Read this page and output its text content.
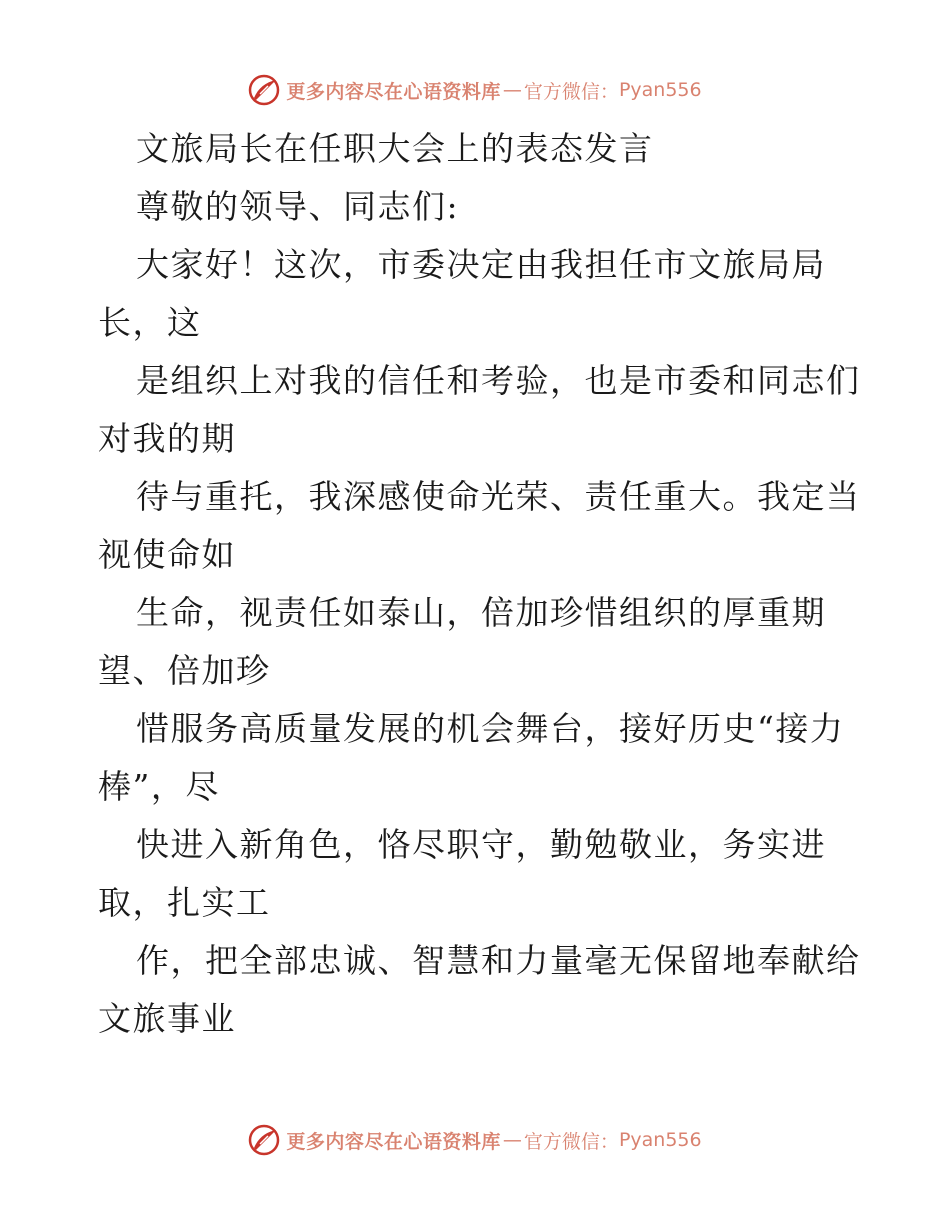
更多内容尽在心语资料库 — 官方微信： Pyan556
文旅局长在任职大会上的表态发言
尊敬的领导、同志们:
大家好！这次，市委决定由我担任市文旅局局
长，这
是组织上对我的信任和考验，也是市委和同志们
对我的期
待与重托，我深感使命光荣、责任重大。我定当
视使命如
生命，视责任如泰山，倍加珍惜组织的厚重期
望、倍加珍
惜服务高质量发展的机会舞台，接好历史“接力
棒”，尽
快进入新角色，恪尽职守，勤勉敬业，务实进
取，扎实工
作，把全部忠诚、智慧和力量毫无保留地奉献给
文旅事业
更多内容尽在心语资料库 — 官方微信： Pyan556
